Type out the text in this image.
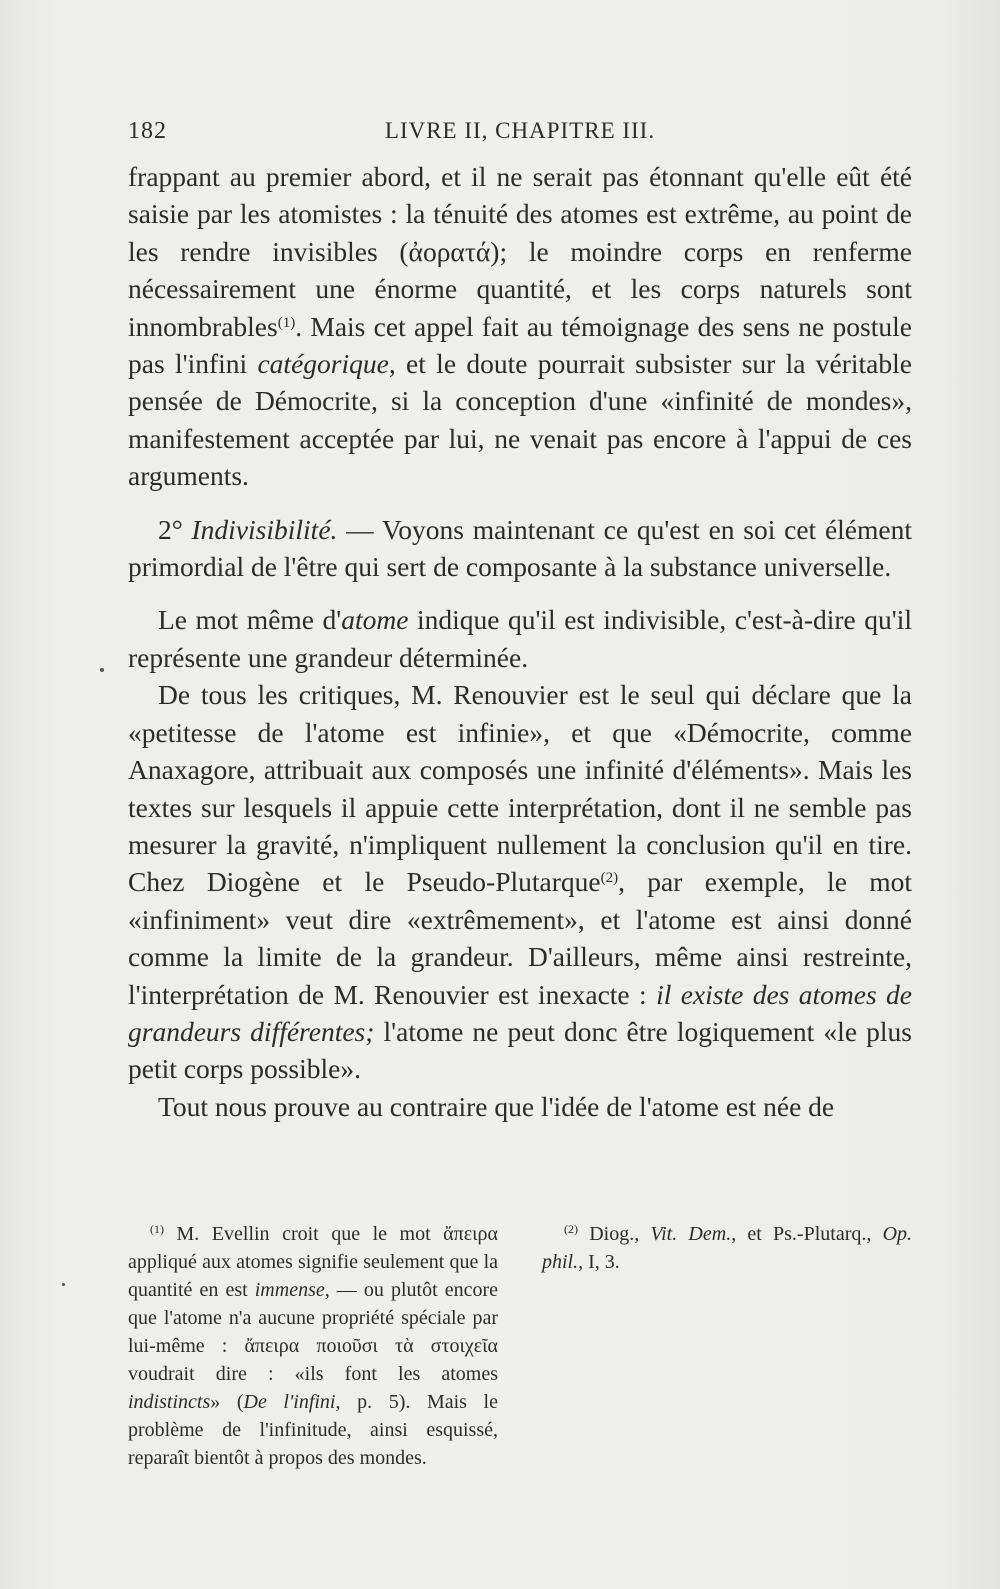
182	LIVRE II, CHAPITRE III.

frappant au premier abord, et il ne serait pas étonnant qu'elle eût été saisie par les atomistes : la ténuité des atomes est extrême, au point de les rendre invisibles (ἀορατά); le moindre corps en renferme nécessairement une énorme quantité, et les corps naturels sont innombrables$^{(1)}$. Mais cet appel fait au témoignage des sens ne postule pas l'infini catégorique, et le doute pourrait subsister sur la véritable pensée de Démocrite, si la conception d'une «infinité de mondes», manifestement acceptée par lui, ne venait pas encore à l'appui de ces arguments.

2° Indivisibilité. — Voyons maintenant ce qu'est en soi cet élément primordial de l'être qui sert de composante à la substance universelle.

Le mot même d'atome indique qu'il est indivisible, c'est-à-dire qu'il représente une grandeur déterminée.

De tous les critiques, M. Renouvier est le seul qui déclare que la «petitesse de l'atome est infinie», et que «Démocrite, comme Anaxagore, attribuait aux composés une infinité d'éléments». Mais les textes sur lesquels il appuie cette interprétation, dont il ne semble pas mesurer la gravité, n'impliquent nullement la conclusion qu'il en tire. Chez Diogène et le Pseudo-Plutarque$^{(2)}$, par exemple, le mot «infiniment» veut dire «extrêmement», et l'atome est ainsi donné comme la limite de la grandeur. D'ailleurs, même ainsi restreinte, l'interprétation de M. Renouvier est inexacte : il existe des atomes de grandeurs différentes; l'atome ne peut donc être logiquement «le plus petit corps possible».

Tout nous prouve au contraire que l'idée de l'atome est née de

$^{(1)}$ M. Evellin croit que le mot ἄπειρα appliqué aux atomes signifie seulement que la quantité en est immense, — ou plutôt encore que l'atome n'a aucune propriété spéciale par lui-même : ἄπειρα ποιοῦσι τὰ στοιχεῖα voudrait dire : «ils font les atomes indistincts» (De l'infini, p. 5). Mais le problème de l'infinitude, ainsi esquissé, reparaît bientôt à propos des mondes.

$^{(2)}$ Diog., Vit. Dem., et Ps.-Plutarq., Op. phil., I, 3.
